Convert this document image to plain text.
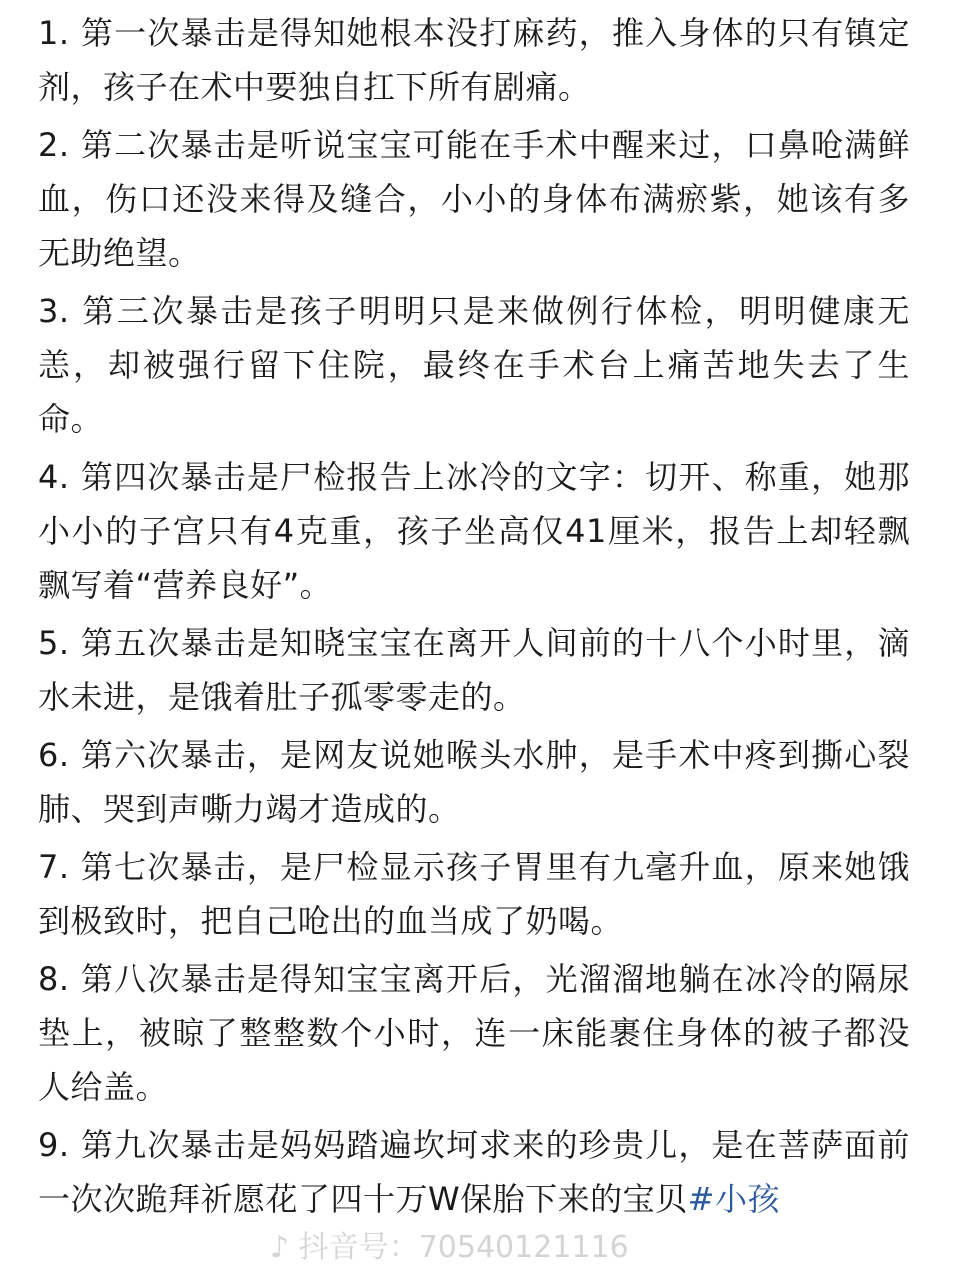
1. 第一次暴击是得知她根本没打麻药，推入身体的只有镇定剂，孩子在术中要独自扛下所有剧痛。

2. 第二次暴击是听说宝宝可能在手术中醒来过，口鼻呛满鲜血，伤口还没来得及缝合，小小的身体布满瘀紫，她该有多无助绝望。

3. 第三次暴击是孩子明明只是来做例行体检，明明健康无恙，却被强行留下住院，最终在手术台上痛苦地失去了生命。

4. 第四次暴击是尸检报告上冰冷的文字：切开、称重，她那小小的子宫只有4克重，孩子坐高仅41厘米，报告上却轻飘飘写着“营养良好”。

5. 第五次暴击是知晓宝宝在离开人间前的十八个小时里，滴水未进，是饿着肚子孤零零走的。

6. 第六次暴击，是网友说她喉头水肿，是手术中疼到撕心裂肺、哭到声嘶力竭才造成的。

7. 第七次暴击，是尸检显示孩子胃里有九毫升血，原来她饿到极致时，把自己呛出的血当成了奶喝。

8. 第八次暴击是得知宝宝离开后，光溜溜地躺在冰冷的隔尿垫上，被晾了整整数个小时，连一床能裹住身体的被子都没人给盖。

9. 第九次暴击是妈妈踏遍坎坷求来的珍贵儿，是在菩萨面前一次次跪拜祈愿花了四十万W保胎下来的宝贝#小孩

♪ 抖音号：70540121116
